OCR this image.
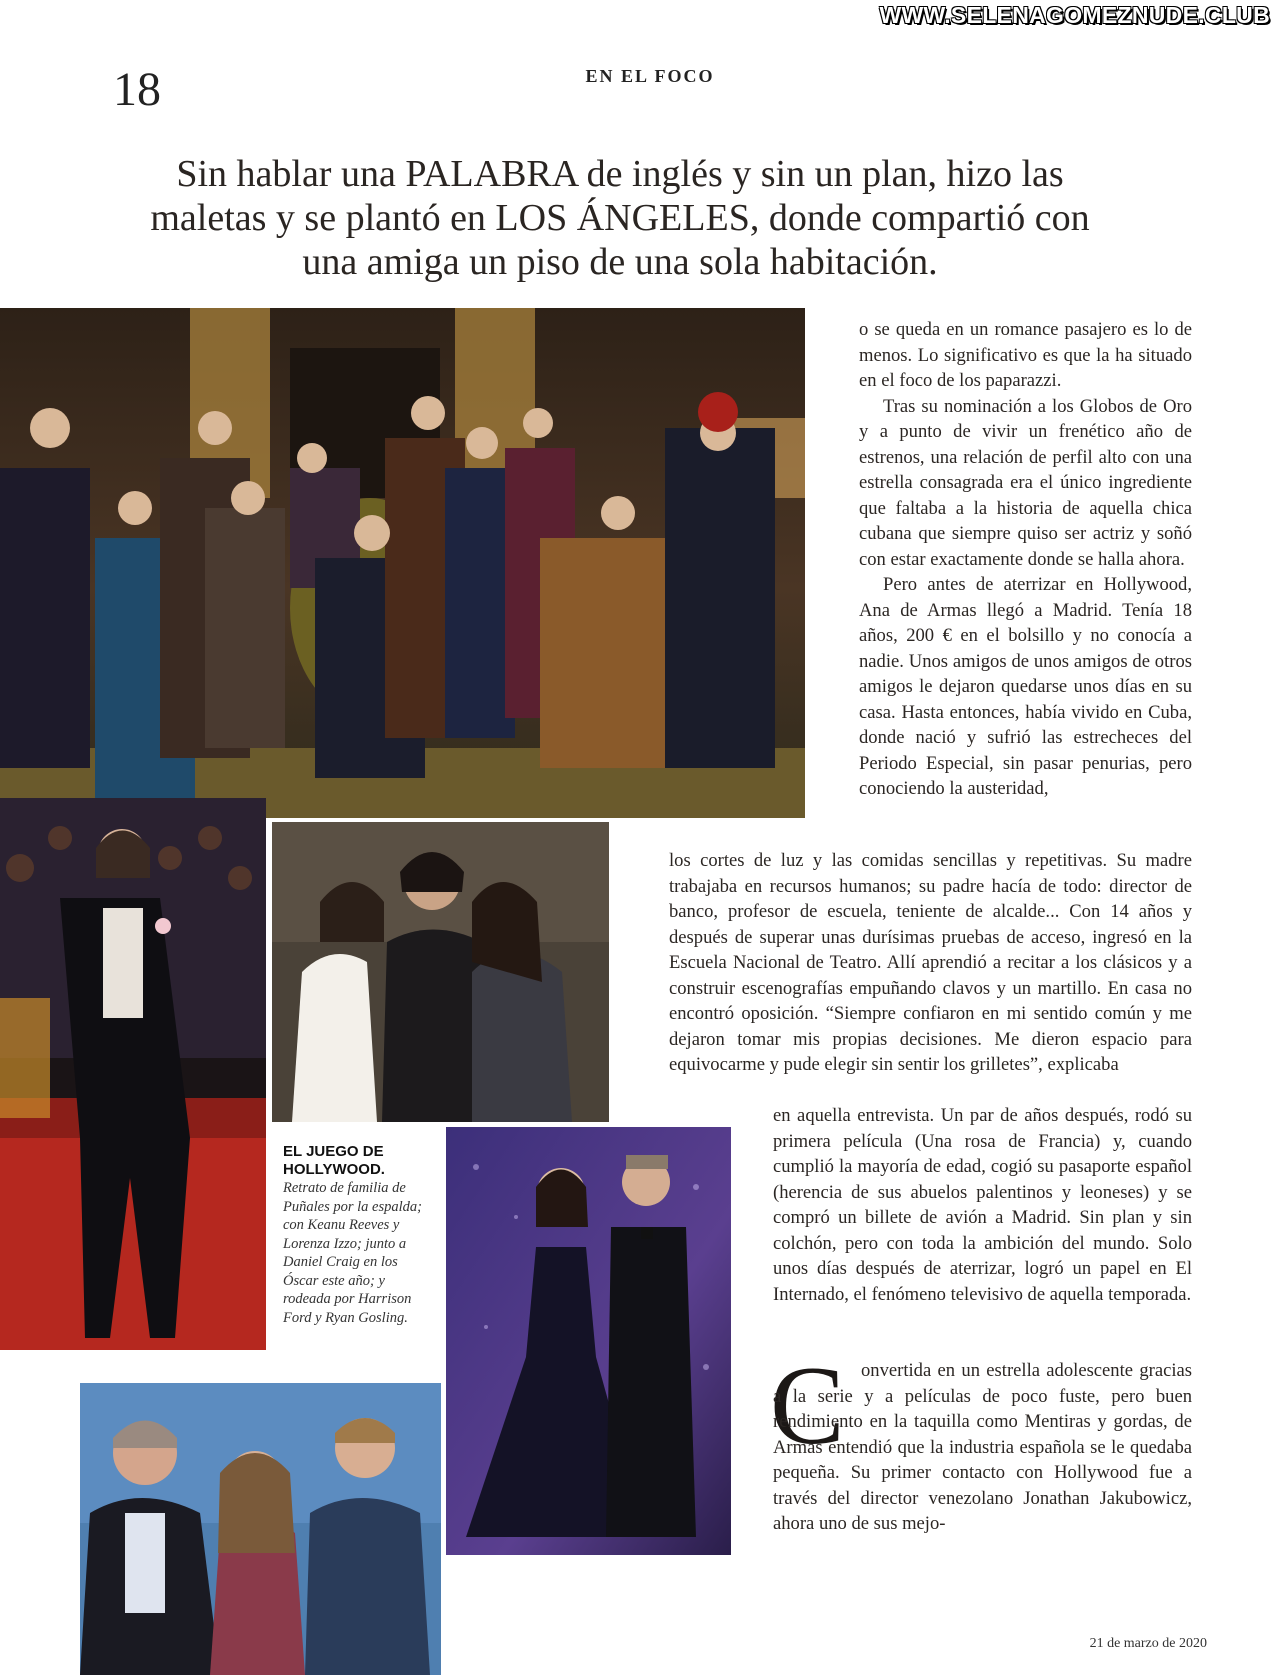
WWW.SELENAGOMEZNUDE.CLUB
18	EN EL FOCO
Sin hablar una PALABRA de inglés y sin un plan, hizo las maletas y se plantó en LOS ÁNGELES, donde compartió con una amiga un piso de una sola habitación.
EL JUEGO DE HOLLYWOOD.
Retrato de familia de Puñales por la espalda; con Keanu Reeves y Lorenza Izzo; junto a Daniel Craig en los Óscar este año; y rodeada por Harrison Ford y Ryan Gosling.

o se queda en un romance pasajero es lo de menos. Lo significativo es que la ha situado en el foco de los paparazzi.

Tras su nominación a los Globos de Oro y a punto de vivir un frenético año de estrenos, una relación de perfil alto con una estrella consagrada era el único ingrediente que faltaba a la historia de aquella chica cubana que siempre quiso ser actriz y soñó con estar exactamente donde se halla ahora.

Pero antes de aterrizar en Hollywood, Ana de Armas llegó a Madrid. Tenía 18 años, 200 € en el bolsillo y no conocía a nadie. Unos amigos de unos amigos de otros amigos le dejaron quedarse unos días en su casa. Hasta entonces, había vivido en Cuba, donde nació y sufrió las estrecheces del Periodo Especial, sin pasar penurias, pero conociendo la austeridad,

los cortes de luz y las comidas sencillas y repetitivas. Su madre trabajaba en recursos humanos; su padre hacía de todo: director de banco, profesor de escuela, teniente de alcalde... Con 14 años y después de superar unas durísimas pruebas de acceso, ingresó en la Escuela Nacional de Teatro. Allí aprendió a recitar a los clásicos y a construir escenografías empuñando clavos y un martillo. En casa no encontró oposición. “Siempre confiaron en mi sentido común y me dejaron tomar mis propias decisiones. Me dieron espacio para equivocarme y pude elegir sin sentir los grilletes”, explicaba

en aquella entrevista. Un par de años después, rodó su primera película (Una rosa de Francia) y, cuando cumplió la mayoría de edad, cogió su pasaporte español (herencia de sus abuelos palentinos y leoneses) y se compró un billete de avión a Madrid. Sin plan y sin colchón, pero con toda la ambición del mundo. Solo unos días después de aterrizar, logró un papel en El Internado, el fenómeno televisivo de aquella temporada.

C onvertida en un estrella adolescente gracias a la serie y a películas de poco fuste, pero buen rendimiento en la taquilla como Mentiras y gordas, de Armas entendió que la industria española se le quedaba pequeña. Su primer contacto con Hollywood fue a través del director venezolano Jonathan Jakubowicz, ahora uno de sus mejo-

21 de marzo de 2020
